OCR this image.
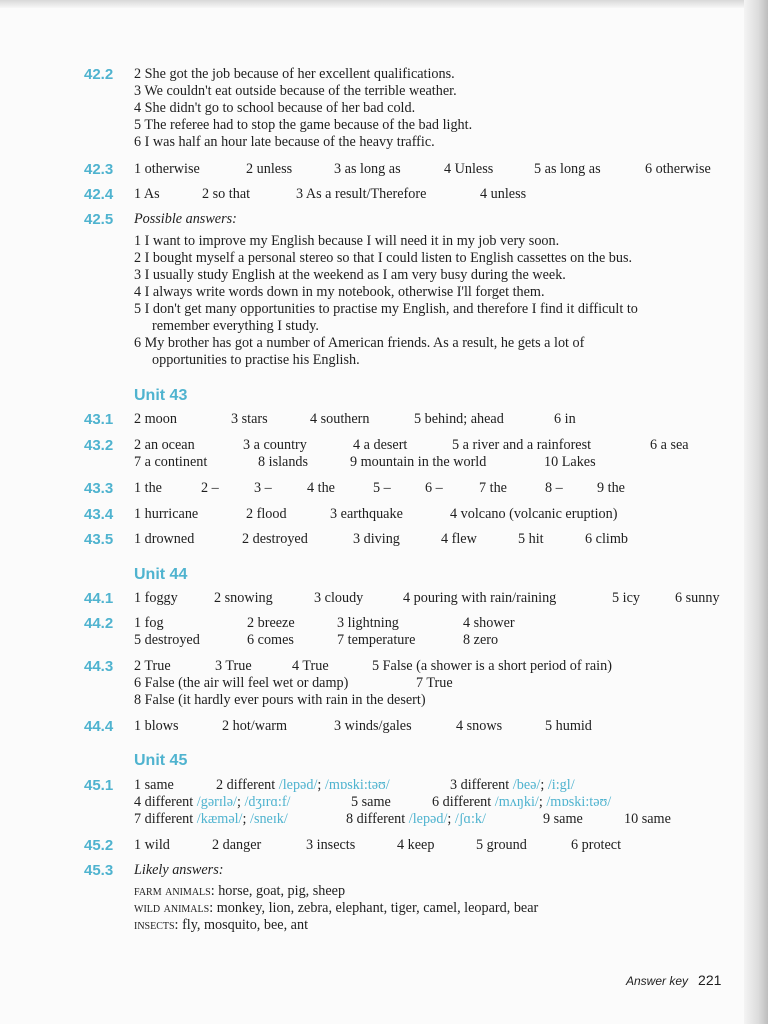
42.2 2 She got the job because of her excellent qualifications.
3 We couldn't eat outside because of the terrible weather.
4 She didn't go to school because of her bad cold.
5 The referee had to stop the game because of the bad light.
6 I was half an hour late because of the heavy traffic.
42.3 1 otherwise	2 unless	3 as long as	4 Unless	5 as long as	6 otherwise
42.4 1 As	2 so that	3 As a result/Therefore	4 unless
42.5	Possible answers:
1 I want to improve my English because I will need it in my job very soon.
2 I bought myself a personal stereo so that I could listen to English cassettes on the bus.
3 I usually study English at the weekend as I am very busy during the week.
4 I always write words down in my notebook, otherwise I'll forget them.
5 I don't get many opportunities to practise my English, and therefore I find it difficult to
remember everything I study.
6 My brother has got a number of American friends. As a result, he gets a lot of
opportunities to practise his English.
Unit 43
43.1 2 moon	3 stars	4 southern	5 behind; ahead	6 in
43.2 2 an ocean	3 a country	4 a desert	5 a river and a rainforest	6 a sea
7 a continent	8 islands	9 mountain in the world	10 Lakes
43.3 1 the	2 – 3 – 4 the	5 – 6 –	7 the	8 – 9 the
43.4 1 hurricane	2 flood	3 earthquake	4 volcano (volcanic eruption)
43.5 1 drowned	2 destroyed	3 diving	4 flew	5 hit	6 climb
Unit 44
44.1 1 foggy	2 snowing	3 cloudy	4 pouring with rain/raining	5 icy 6 sunny
44.2 1 fog	2 breeze	3 lightning	4 shower
5 destroyed	6 comes	7 temperature	8 zero
44.3 2 True	3 True	4 True	5 False (a shower is a short period of rain)
6 False (the air will feel wet or damp)	7 True
8 False (it hardly ever pours with rain in the desert)
44.4 1 blows	2 hot/warm	3 winds/gales	4 snows	5 humid
Unit 45
45.1 1 same	2 different /lepəd/; /mɒski:təʊ/	3 different /beə/; /i:gl/
4 different /gərɪlə/; /dʒɪrɑ:f/	5 same	6 different /mʌŋki/; /mɒski:təʊ/
7 different /kæməl/; /sneɪk/	8 different /lepəd/; /ʃɑ:k/	9 same	10 same
45.2 1 wild	2 danger	3 insects	4 keep	5 ground	6 protect
45.3	Likely answers:
farm animals: horse, goat, pig, sheep
wild animals: monkey, lion, zebra, elephant, tiger, camel, leopard, bear
insects: fly, mosquito, bee, ant
Answer key 221
